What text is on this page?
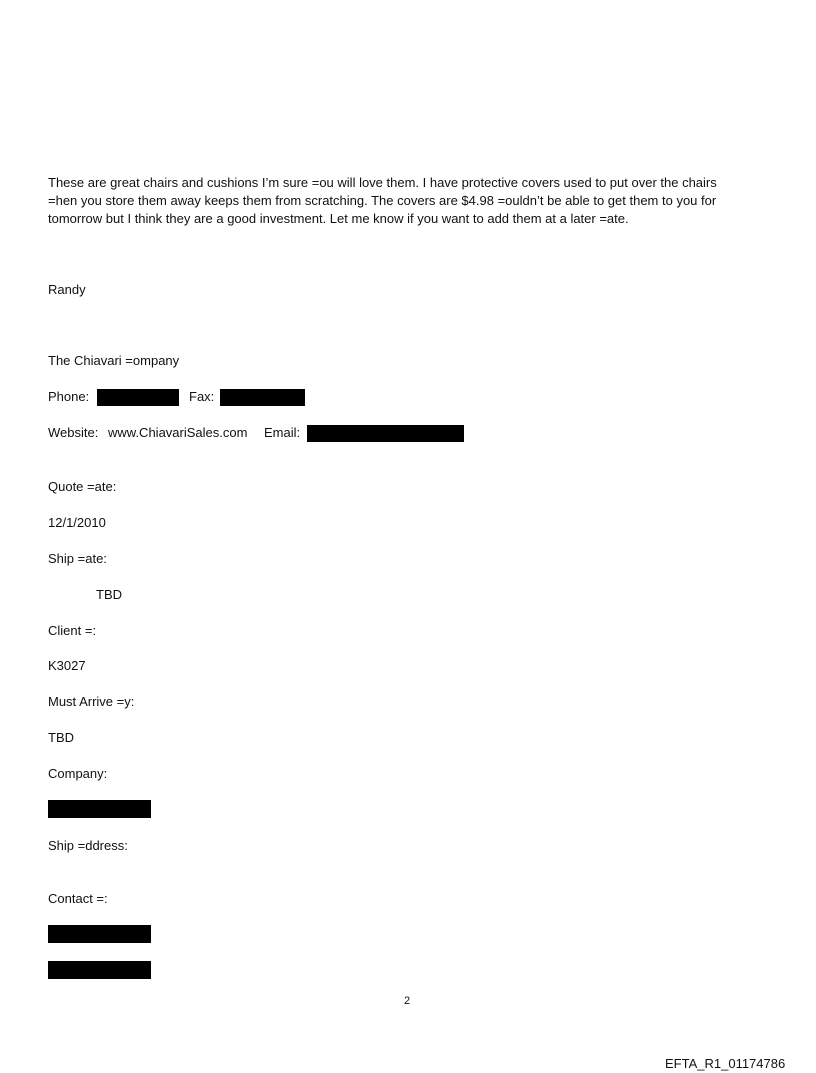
These are great chairs and cushions I’m sure =ou will love them. I have protective covers used to put over the chairs
=hen you store them away keeps them from scratching. The covers are $4.98 =ouldn’t be able to get them to you for
tomorrow but I think they are a good investment. Let me know if you want to add them at a later =ate.
Randy
The Chiavari =ompany
Phone:	Fax:
Website: www.ChiavariSales.com Email:
Quote =ate:
12/1/2010
Ship =ate:
TBD
Client =:
K3027
Must Arrive =y:
TBD
Company:
Ship =ddress:
Contact =:
2
EFTA_R1_01174786
